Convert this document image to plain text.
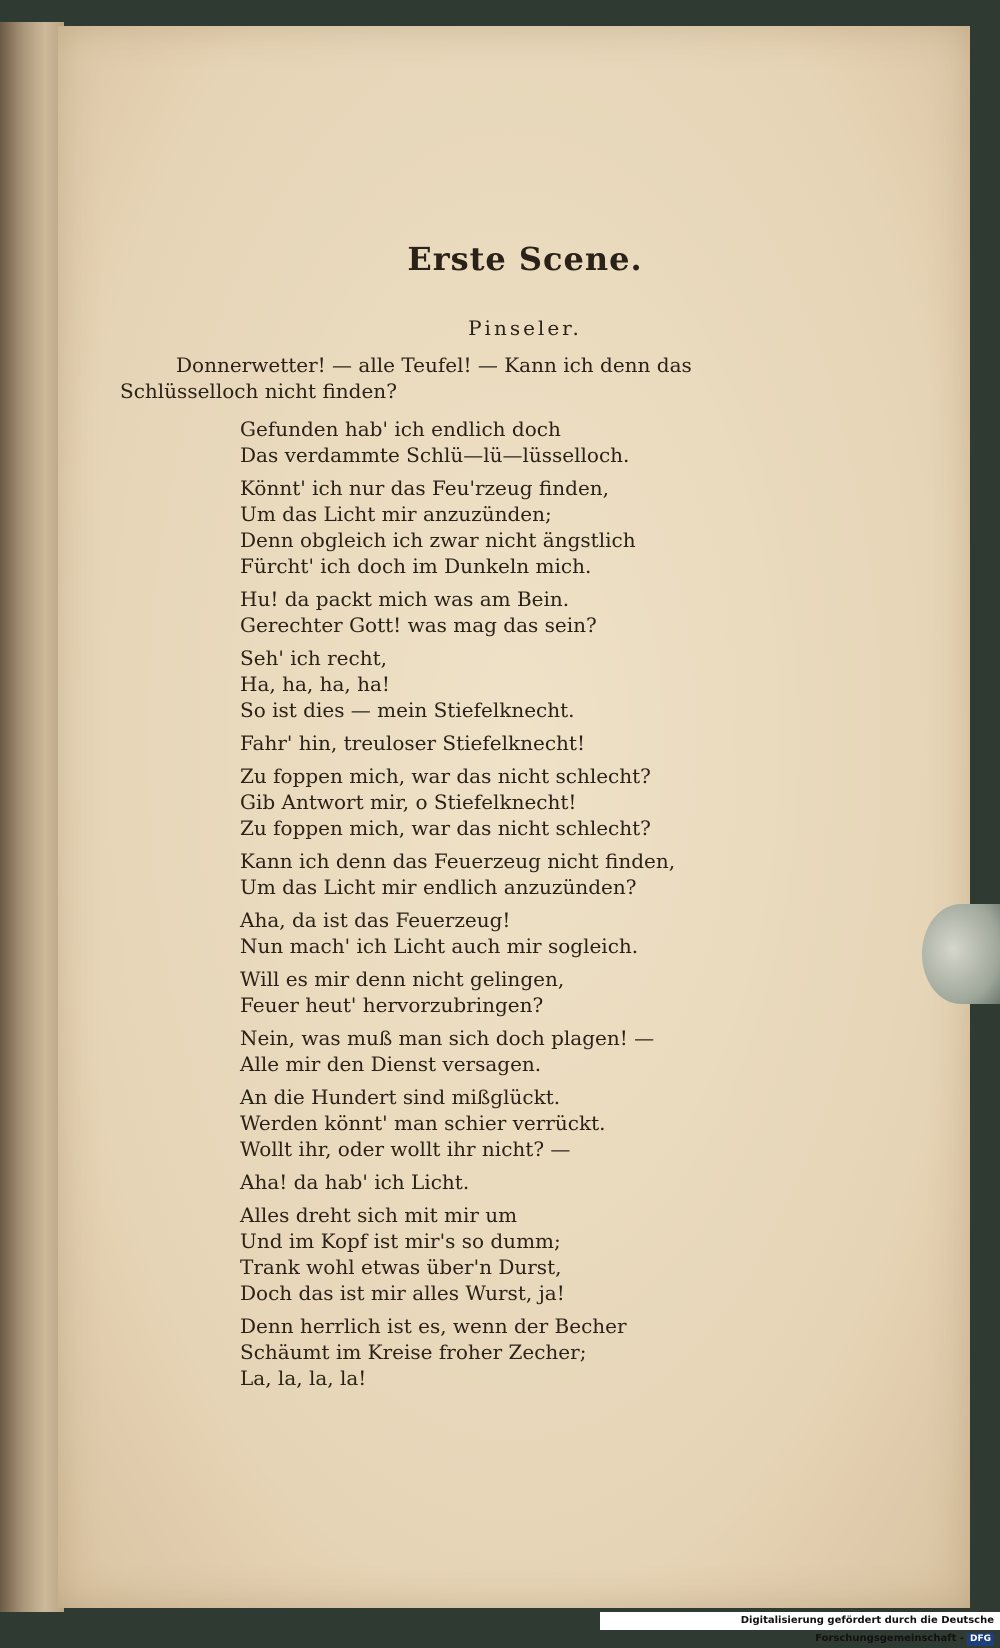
Erste Scene.
Pinseler.
Donnerwetter! — alle Teufel! — Kann ich denn das Schlüsselloch nicht finden?
Gefunden hab' ich endlich doch
Das verdammte Schlü—lü—lüsselloch.
Könnt' ich nur das Feu'rzeug finden,
Um das Licht mir anzuzünden;
Denn obgleich ich zwar nicht ängstlich
Fürcht' ich doch im Dunkeln mich.
Hu! da packt mich was am Bein.
Gerechter Gott! was mag das sein?
Seh' ich recht,
Ha, ha, ha, ha!
So ist dies — mein Stiefelknecht.
Fahr' hin, treuloser Stiefelknecht!
Zu foppen mich, war das nicht schlecht?
Gib Antwort mir, o Stiefelknecht!
Zu foppen mich, war das nicht schlecht?
Kann ich denn das Feuerzeug nicht finden,
Um das Licht mir endlich anzuzünden?
Aha, da ist das Feuerzeug!
Nun mach' ich Licht auch mir sogleich.
Will es mir denn nicht gelingen,
Feuer heut' hervorzubringen?
Nein, was muß man sich doch plagen! —
Alle mir den Dienst versagen.
An die Hundert sind mißglückt.
Werden könnt' man schier verrückt.
Wollt ihr, oder wollt ihr nicht? —
Aha! da hab' ich Licht.
Alles dreht sich mit mir um
Und im Kopf ist mir's so dumm;
Trank wohl etwas über'n Durst,
Doch das ist mir alles Wurst, ja!
Denn herrlich ist es, wenn der Becher
Schäumt im Kreise froher Zecher;
La, la, la, la!
Digitalisierung gefördert durch die Deutsche Forschungsgemeinschaft - DFG
